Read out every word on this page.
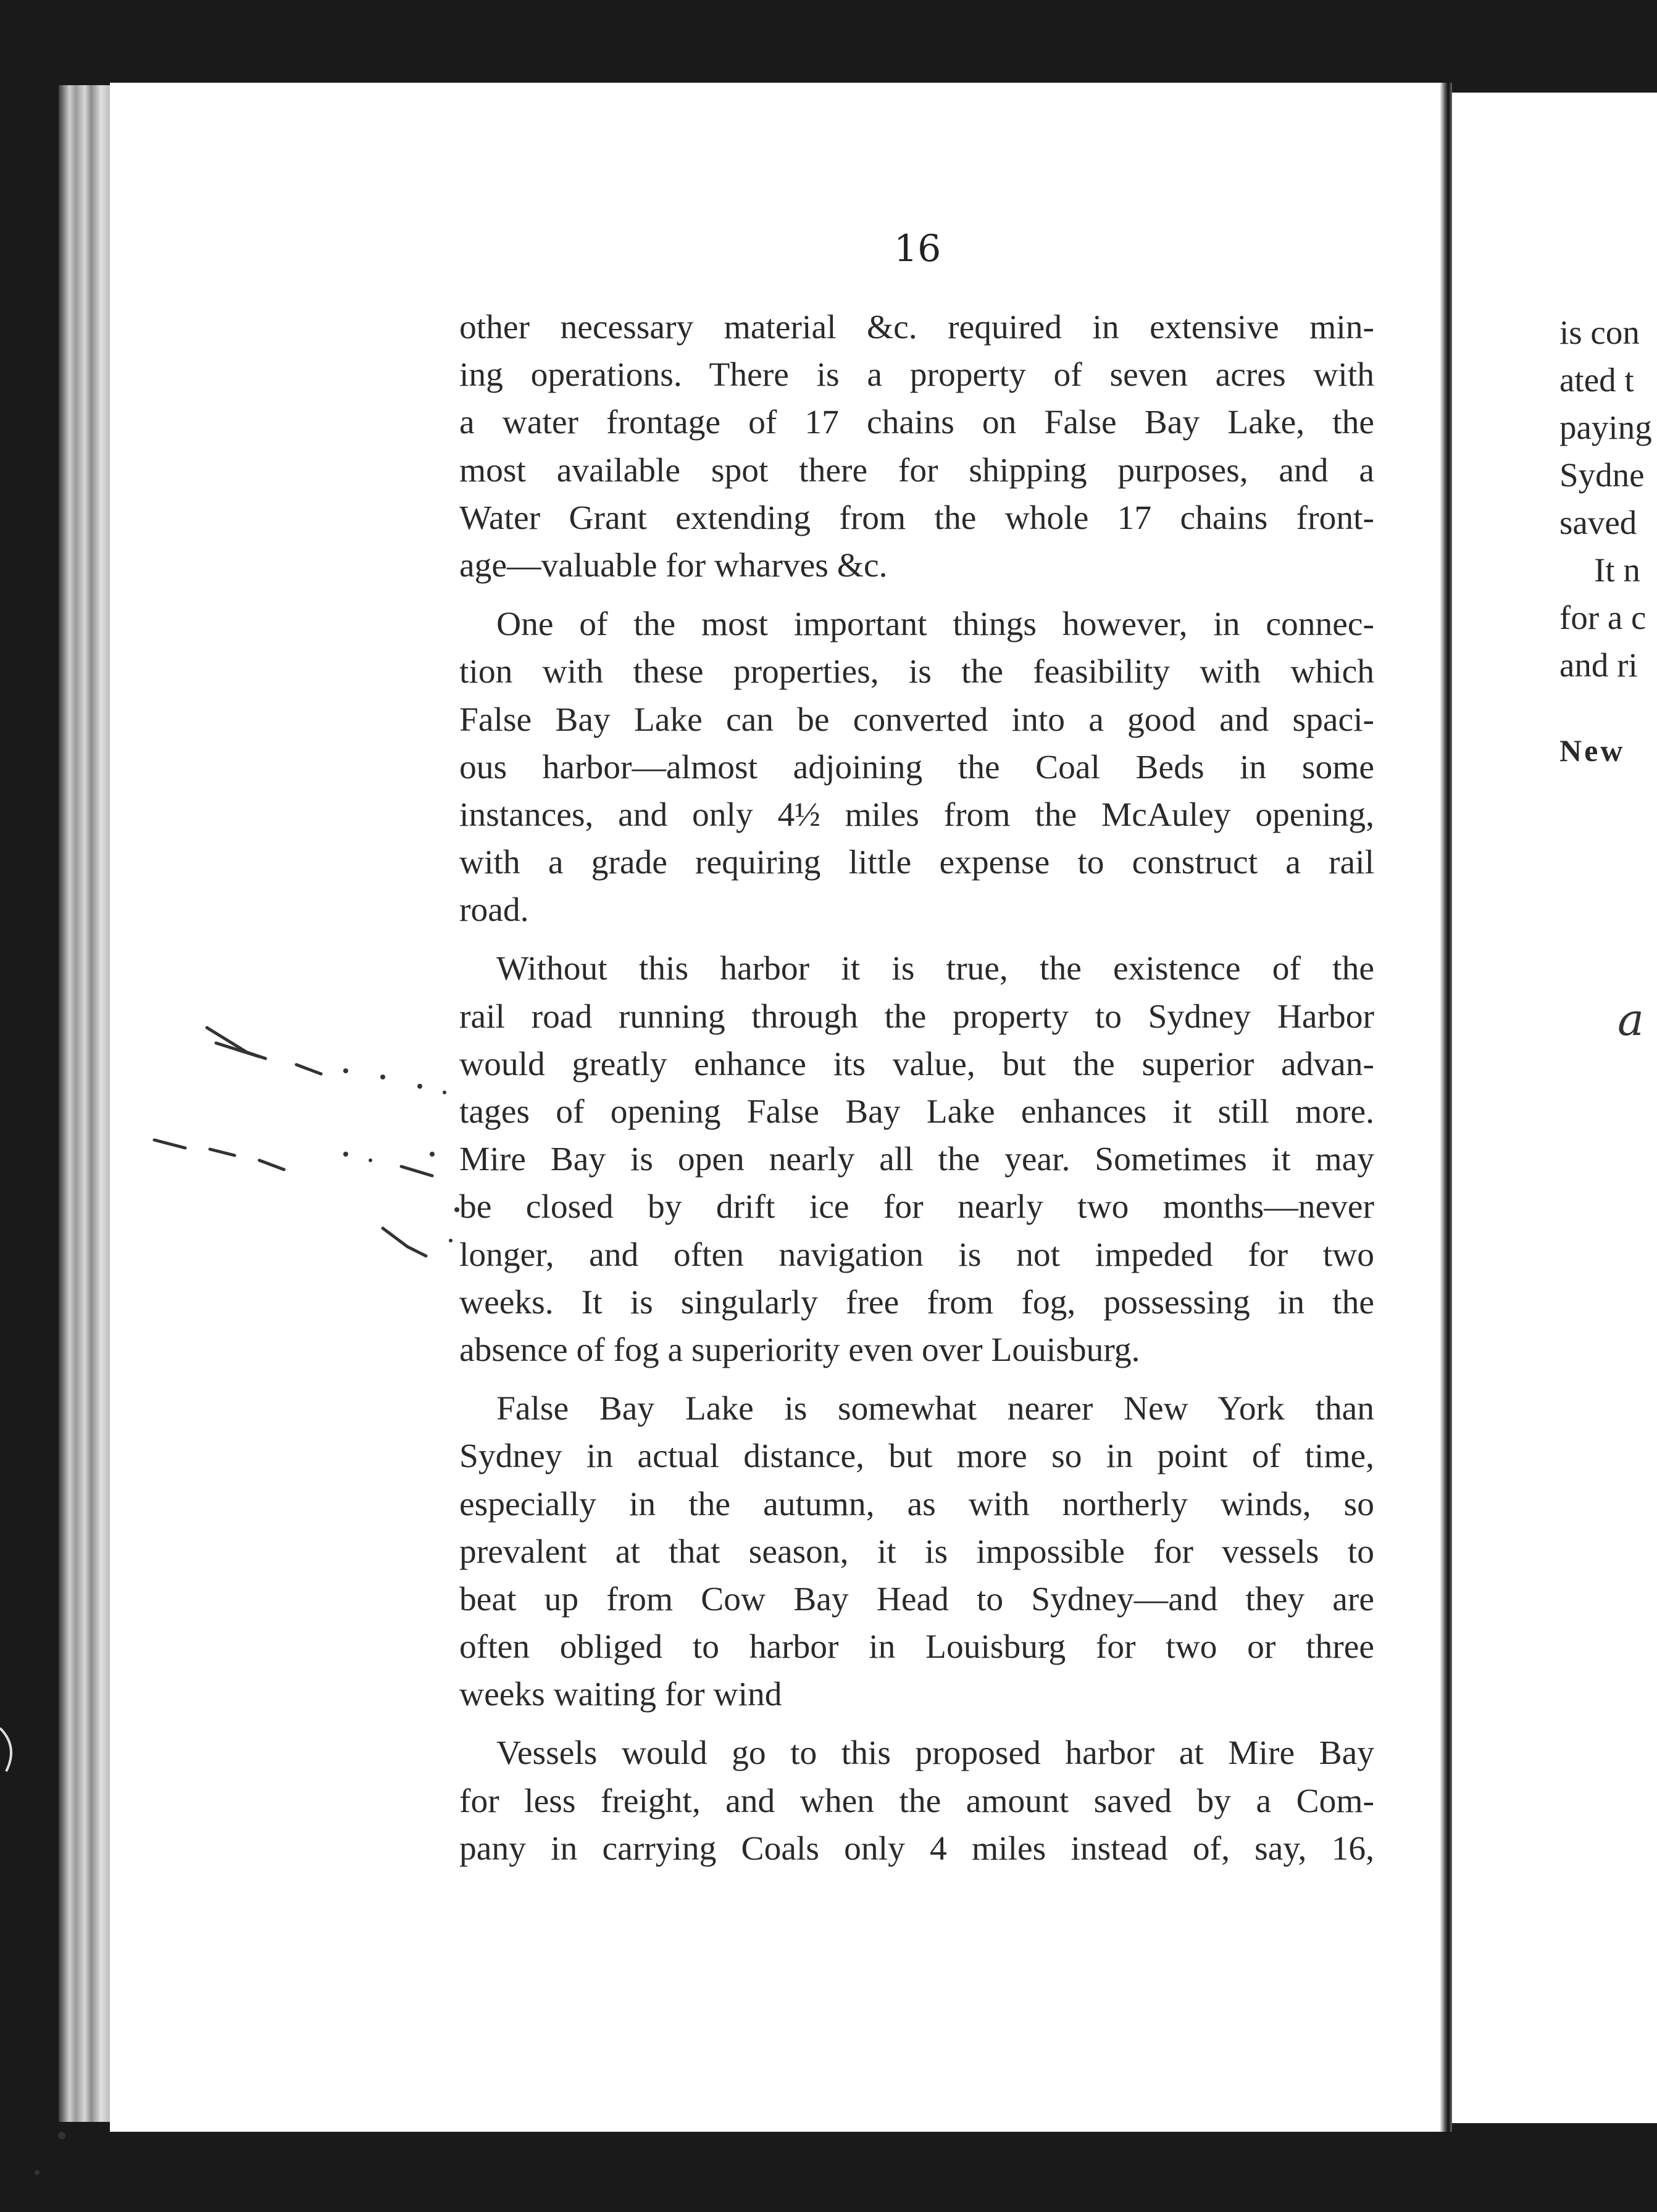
16
other necessary material &c. required in extensive min-
ing operations. There is a property of seven acres with
a water frontage of 17 chains on False Bay Lake, the
most available spot there for shipping purposes, and a
Water Grant extending from the whole 17 chains front-
age—valuable for wharves &c.
One of the most important things however, in connec-
tion with these properties, is the feasibility with which
False Bay Lake can be converted into a good and spaci-
ous harbor—almost adjoining the Coal Beds in some
instances, and only 4½ miles from the McAuley opening,
with a grade requiring little expense to construct a rail
road.
Without this harbor it is true, the existence of the
rail road running through the property to Sydney Harbor
would greatly enhance its value, but the superior advan-
tages of opening False Bay Lake enhances it still more.
Mire Bay is open nearly all the year. Sometimes it may
be closed by drift ice for nearly two months—never
longer, and often navigation is not impeded for two
weeks. It is singularly free from fog, possessing in the
absence of fog a superiority even over Louisburg.
False Bay Lake is somewhat nearer New York than
Sydney in actual distance, but more so in point of time,
especially in the autumn, as with northerly winds, so
prevalent at that season, it is impossible for vessels to
beat up from Cow Bay Head to Sydney—and they are
often obliged to harbor in Louisburg for two or three
weeks waiting for wind
Vessels would go to this proposed harbor at Mire Bay
for less freight, and when the amount saved by a Com-
pany in carrying Coals only 4 miles instead of, say, 16,
is con
ated t
paying
Sydne
saved
It n
for a c
and ri
New
a
